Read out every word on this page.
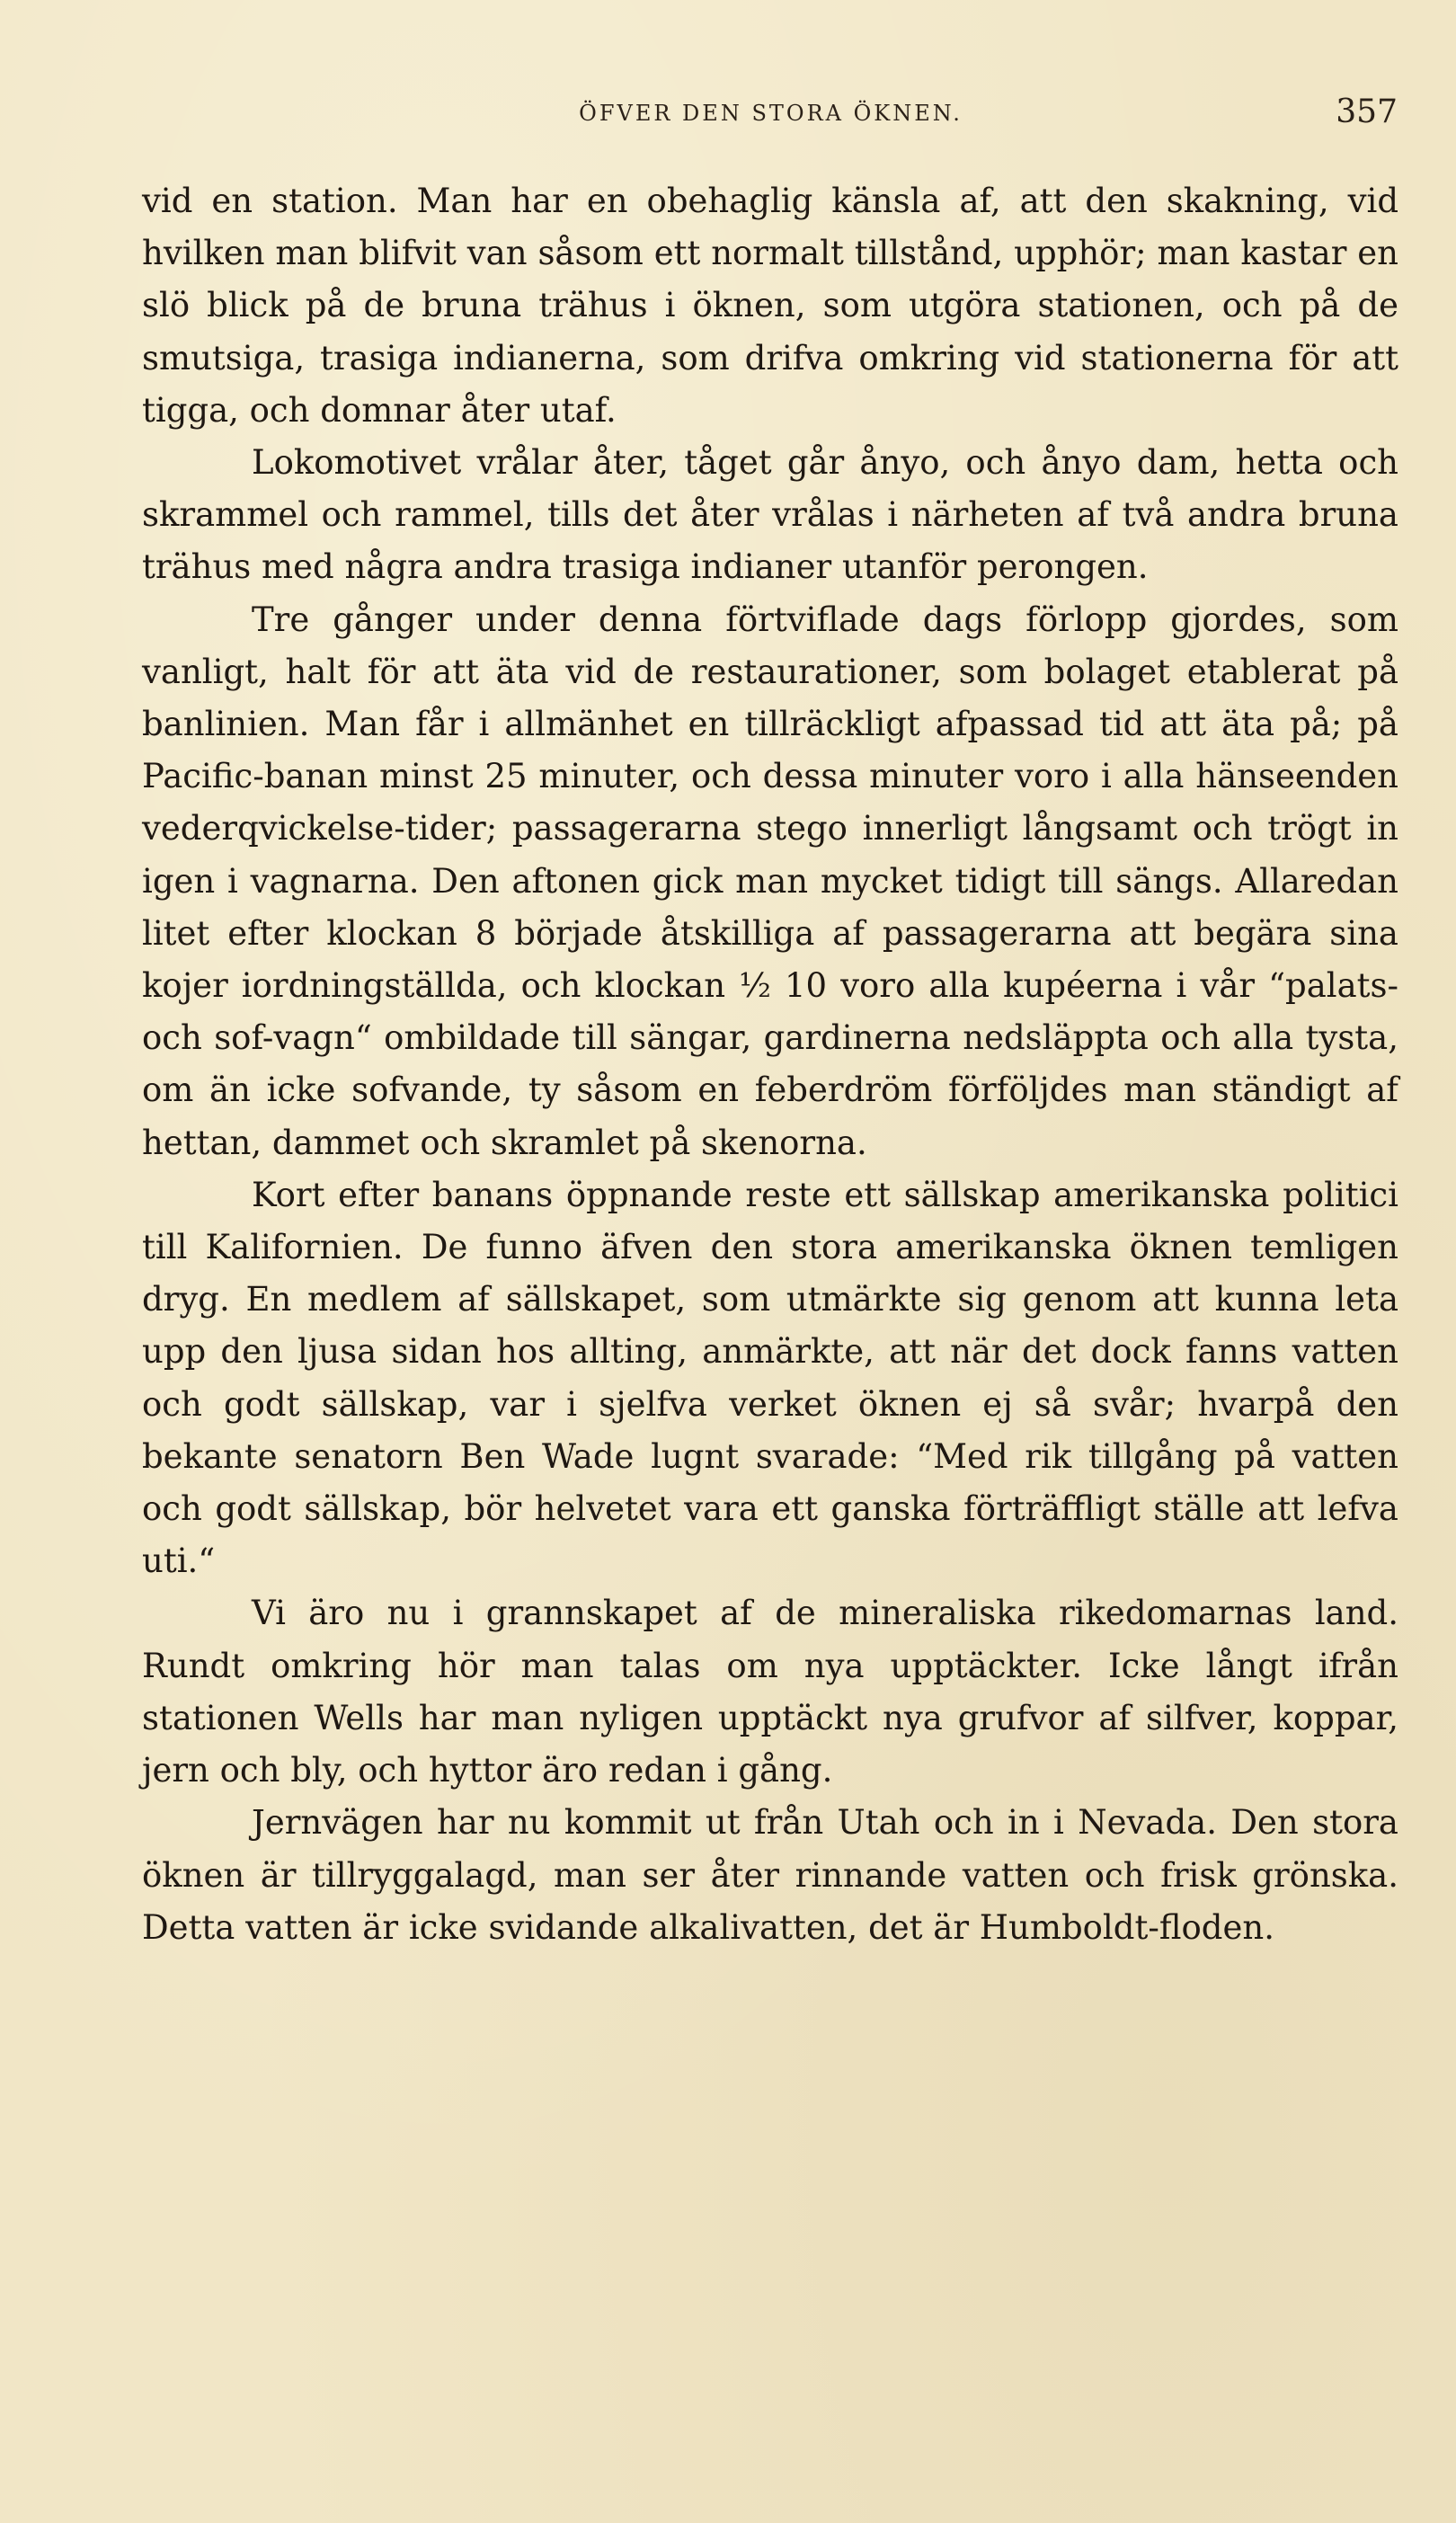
ÖFVER DEN STORA ÖKNEN.	357

vid en station. Man har en obehaglig känsla af, att den skakning, vid hvilken man blifvit van såsom ett normalt tillstånd, upphör; man kastar en slö blick på de bruna trähus i öknen, som utgöra stationen, och på de smutsiga, trasiga indianerna, som drifva omkring vid stationerna för att tigga, och domnar åter utaf.

Lokomotivet vrålar åter, tåget går ånyo, och ånyo dam, hetta och skrammel och rammel, tills det åter vrålas i närheten af två andra bruna trähus med några andra trasiga indianer utanför perongen.

Tre gånger under denna förtviflade dags förlopp gjordes, som vanligt, halt för att äta vid de restaurationer, som bolaget etablerat på banlinien. Man får i allmänhet en tillräckligt afpassad tid att äta på; på Pacific-banan minst 25 minuter, och dessa minuter voro i alla hänseenden vederqvickelse-tider; passagerarna stego innerligt långsamt och trögt in igen i vagnarna. Den aftonen gick man mycket tidigt till sängs. Allaredan litet efter klockan 8 började åtskilliga af passagerarna att begära sina kojer iordningställda, och klockan ½ 10 voro alla kupéerna i vår “palats- och sof-vagn“ ombildade till sängar, gardinerna nedsläppta och alla tysta, om än icke sofvande, ty såsom en feberdröm förföljdes man ständigt af hettan, dammet och skramlet på skenorna.

Kort efter banans öppnande reste ett sällskap amerikanska politici till Kalifornien. De funno äfven den stora amerikanska öknen temligen dryg. En medlem af sällskapet, som utmärkte sig genom att kunna leta upp den ljusa sidan hos allting, anmärkte, att när det dock fanns vatten och godt sällskap, var i sjelfva verket öknen ej så svår; hvarpå den bekante senatorn Ben Wade lugnt svarade: “Med rik tillgång på vatten och godt sällskap, bör helvetet vara ett ganska förträffligt ställe att lefva uti.“

Vi äro nu i grannskapet af de mineraliska rikedomarnas land. Rundt omkring hör man talas om nya upptäckter. Icke långt ifrån stationen Wells har man nyligen upptäckt nya grufvor af silfver, koppar, jern och bly, och hyttor äro redan i gång.

Jernvägen har nu kommit ut från Utah och in i Nevada. Den stora öknen är tillryggalagd, man ser åter rinnande vatten och frisk grönska. Detta vatten är icke svidande alkalivatten, det är Humboldt-floden.
